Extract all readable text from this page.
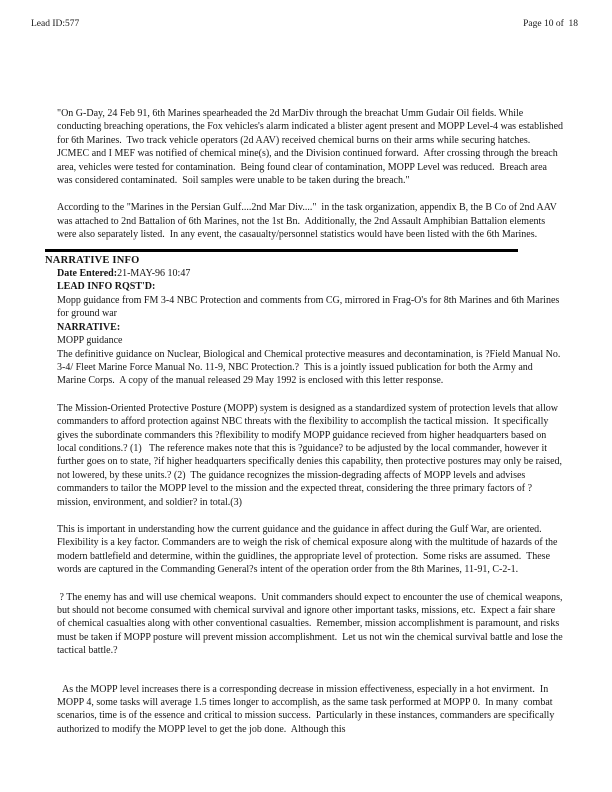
Lead ID:577	Page 10 of  18

"On G-Day, 24 Feb 91, 6th Marines spearheaded the 2d MarDiv through the breachat Umm Gudair Oil fields. While conducting breaching operations, the Fox vehicles's alarm indicated a blister agent present and MOPP Level-4 was established for 6th Marines.  Two track vehicle operators (2d AAV) received chemical burns on their arms while securing hatches.  JCMEC and I MEF was notified of chemical mine(s), and the Division continued forward.  After crossing through the breach area, vehicles were tested for contamination.  Being found clear of contamination, MOPP Level was reduced.  Breach area was considered contaminated.  Soil samples were unable to be taken during the breach."

According to the "Marines in the Persian Gulf....2nd Mar Div...."  in the task organization, appendix B, the B Co of 2nd AAV was attached to 2nd Battalion of 6th Marines, not the 1st Bn.  Additionally, the 2nd Assault Amphibian Battalion elements were also separately listed.  In any event, the casaualty/personnel statistics would have been listed with the 6th Marines.

NARRATIVE INFO

Date Entered:21-MAY-96 10:47

LEAD INFO RQST'D:

Mopp guidance from FM 3-4 NBC Protection and comments from CG, mirrored in Frag-O's for 8th Marines and 6th Marines for ground war

NARRATIVE:

MOPP guidance

The definitive guidance on Nuclear, Biological and Chemical protective measures and decontamination, is ?Field Manual No. 3-4/ Fleet Marine Force Manual No. 11-9, NBC Protection.?  This is a jointly issued publication for both the Army and Marine Corps.  A copy of the manual released 29 May 1992 is enclosed with this letter response.

The Mission-Oriented Protective Posture (MOPP) system is designed as a standardized system of protection levels that allow commanders to afford protection against NBC threats with the flexibility to accomplish the tactical mission.  It specifically gives the subordinate commanders this ?flexibility to modify MOPP guidance recieved from higher headquarters based on local conditions.? (1)   The reference makes note that this is ?guidance? to be adjusted by the local commander, however it further goes on to state, ?if higher headquarters specifically denies this capability, then protective postures may only be raised, not lowered, by these units.? (2)  The guidance recognizes the mission-degrading affects of MOPP levels and advises commanders to tailor the MOPP level to the mission and the expected threat, considering the three primary factors of ?mission, environment, and soldier? in total.(3)

This is important in understanding how the current guidance and the guidance in affect during the Gulf War, are oriented.   Flexibility is a key factor. Commanders are to weigh the risk of chemical exposure along with the multitude of hazards of the modern battlefield and determine, within the guidlines, the appropriate level of protection.  Some risks are assumed.  These words are captured in the Commanding General?s intent of the operation order from the 8th Marines, 11-91, C-2-1.

? The enemy has and will use chemical weapons.  Unit commanders should expect to encounter the use of chemical weapons, but should not become consumed with chemical survival and ignore other important tasks, missions, etc.  Expect a fair share of chemical casualties along with other conventional casualties.  Remember, mission accomplishment is paramount, and risks must be taken if MOPP posture will prevent mission accomplishment.  Let us not win the chemical survival battle and lose the tactical battle.?

As the MOPP level increases there is a corresponding decrease in mission effectiveness, especially in a hot envirment.  In MOPP 4, some tasks will average 1.5 times longer to accomplish, as the same task performed at MOPP 0.  In many  combat scenarios, time is of the essence and critical to mission success.  Particularly in these instances, commanders are specifically authorized to modify the MOPP level to get the job done.  Although this
